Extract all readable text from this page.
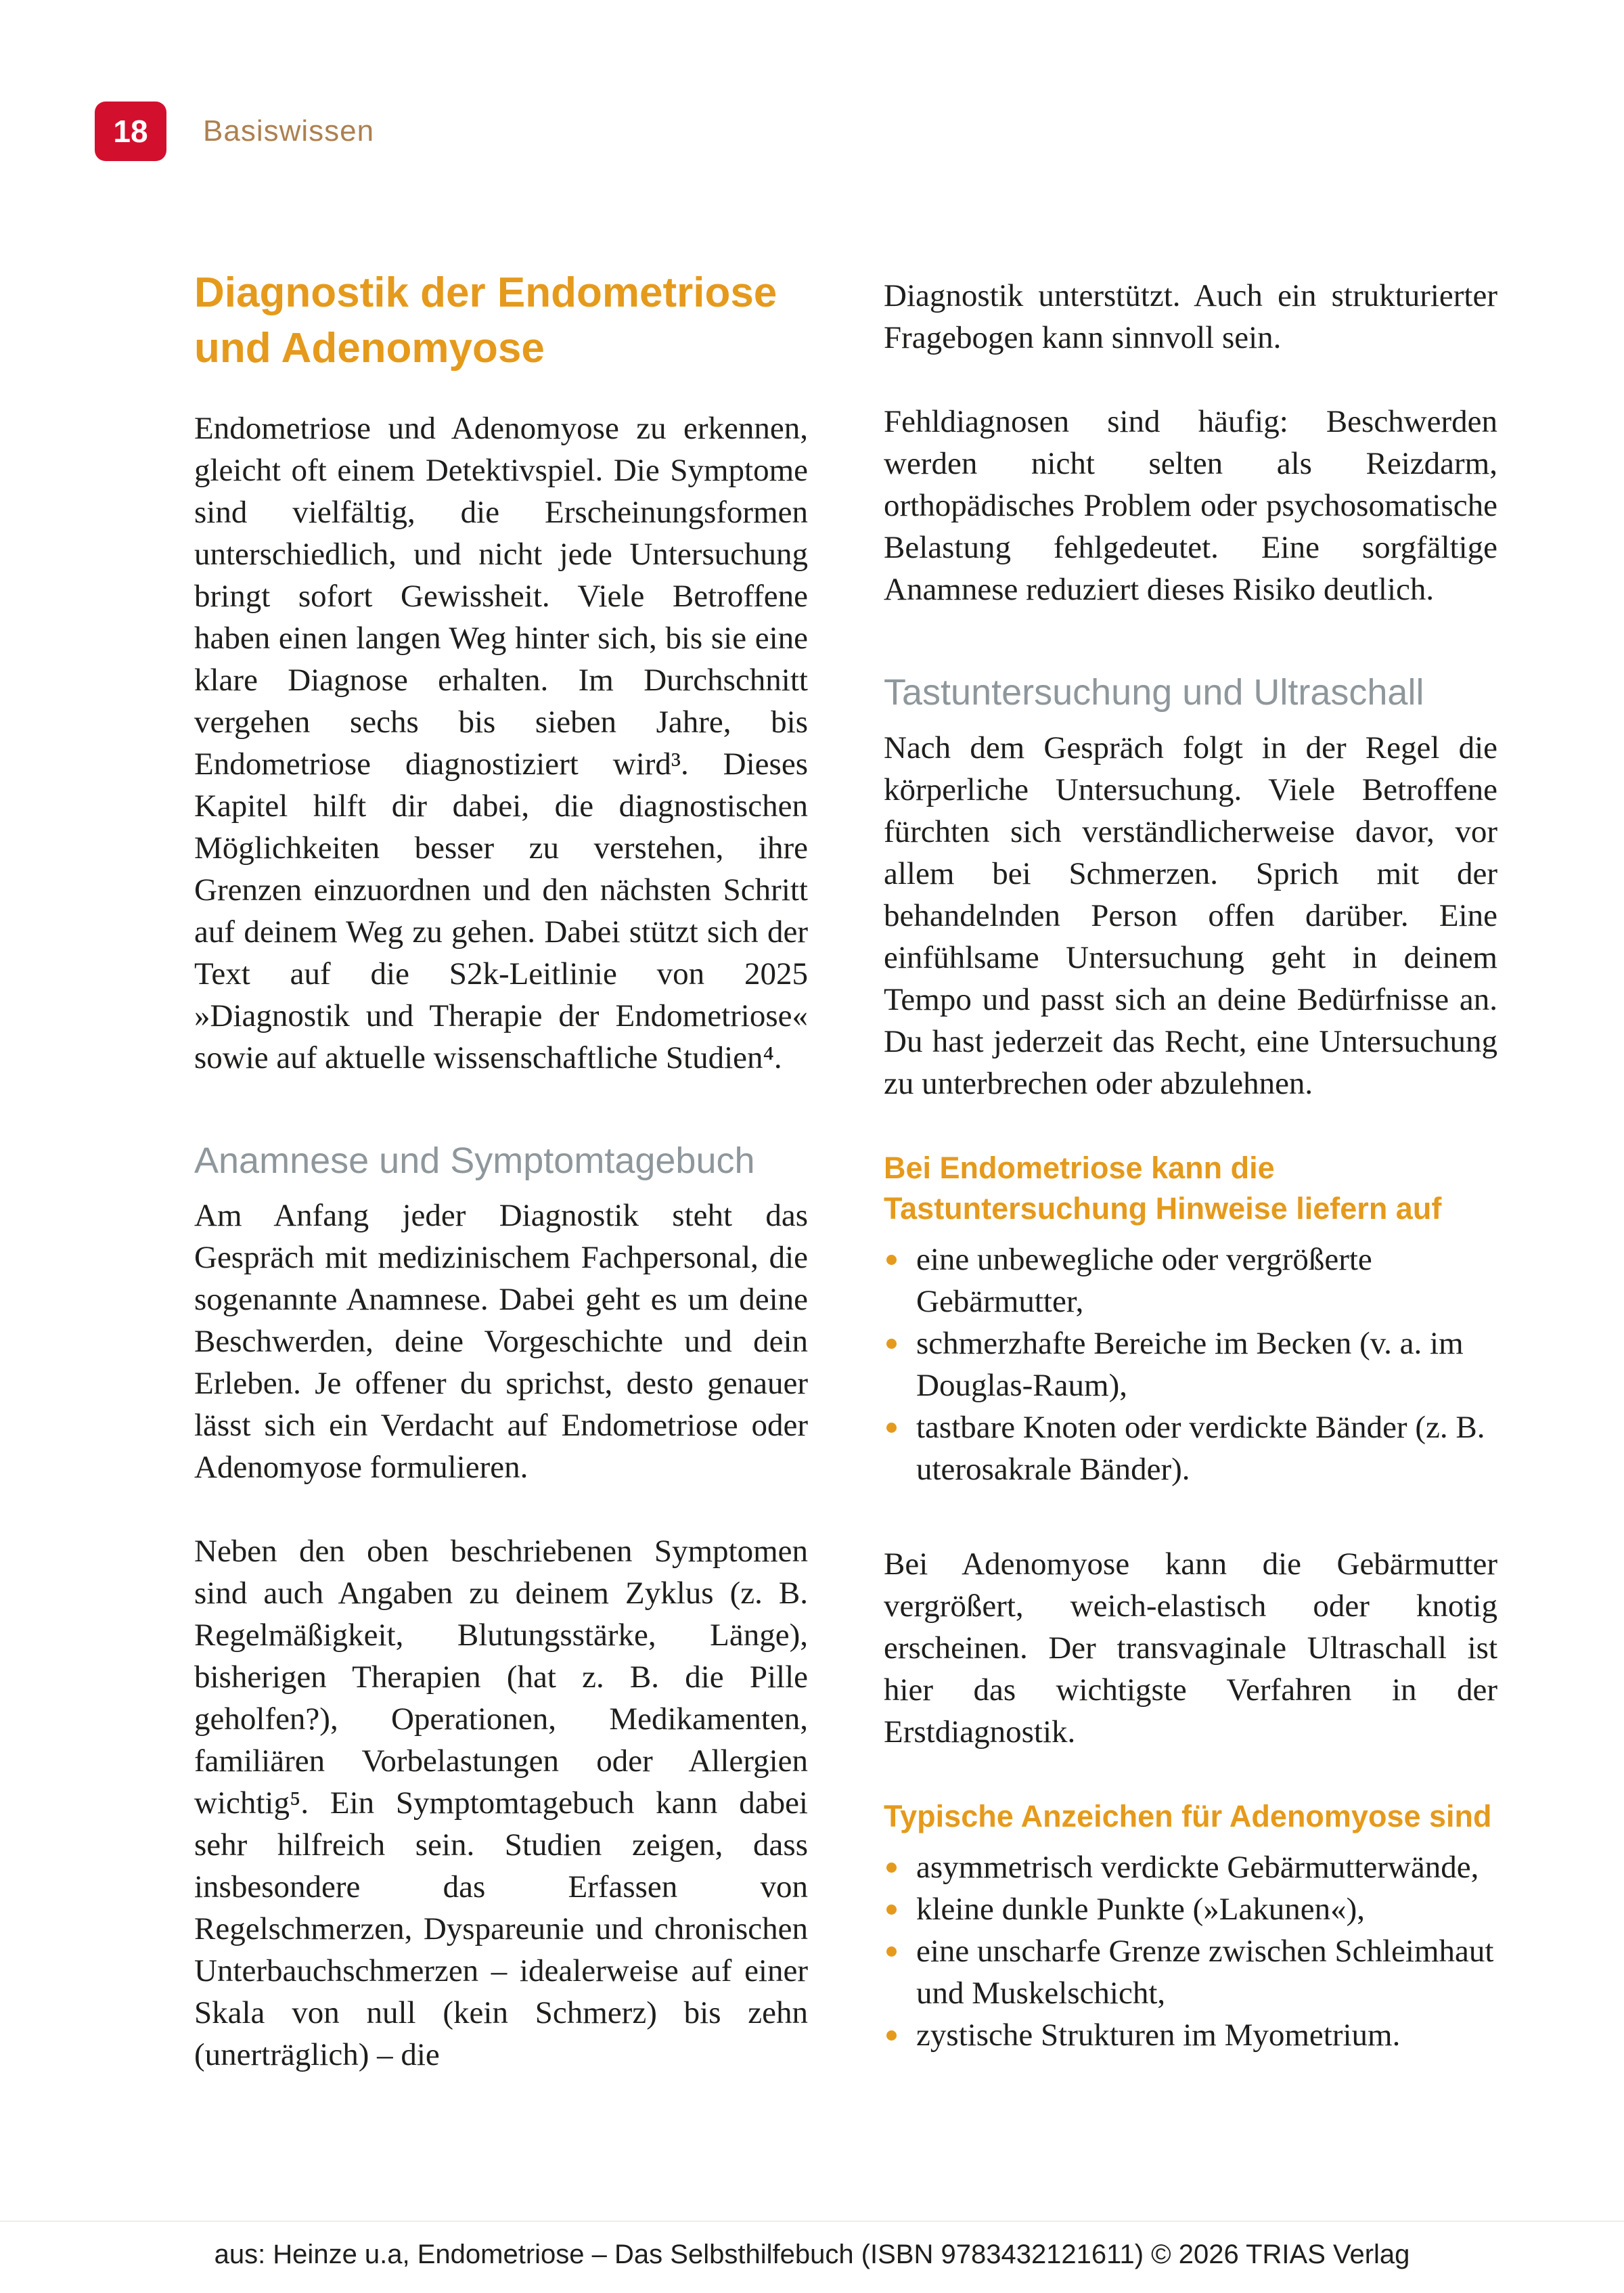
18 Basiswissen
Diagnostik der Endometriose und Adenomyose

Endometriose und Adenomyose zu erkennen, gleicht oft einem Detektivspiel. Die Symptome sind vielfältig, die Erscheinungsformen unterschiedlich, und nicht jede Untersuchung bringt sofort Gewissheit. Viele Betroffene haben einen langen Weg hinter sich, bis sie eine klare Diagnose erhalten. Im Durchschnitt vergehen sechs bis sieben Jahre, bis Endometriose diagnostiziert wird³. Dieses Kapitel hilft dir dabei, die diagnostischen Möglichkeiten besser zu verstehen, ihre Grenzen einzuordnen und den nächsten Schritt auf deinem Weg zu gehen. Dabei stützt sich der Text auf die S2k-Leitlinie von 2025 »Diagnostik und Therapie der Endometriose« sowie auf aktuelle wissenschaftliche Studien⁴.

Anamnese und Symptomtagebuch

Am Anfang jeder Diagnostik steht das Gespräch mit medizinischem Fachpersonal, die sogenannte Anamnese. Dabei geht es um deine Beschwerden, deine Vorgeschichte und dein Erleben. Je offener du sprichst, desto genauer lässt sich ein Verdacht auf Endometriose oder Adenomyose formulieren.

Neben den oben beschriebenen Symptomen sind auch Angaben zu deinem Zyklus (z. B. Regelmäßigkeit, Blutungsstärke, Länge), bisherigen Therapien (hat z. B. die Pille geholfen?), Operationen, Medikamenten, familiären Vorbelastungen oder Allergien wichtig⁵. Ein Symptomtagebuch kann dabei sehr hilfreich sein. Studien zeigen, dass insbesondere das Erfassen von Regelschmerzen, Dyspareunie und chronischen Unterbauchschmerzen – idealerweise auf einer Skala von null (kein Schmerz) bis zehn (unerträglich) – die

Diagnostik unterstützt. Auch ein strukturierter Fragebogen kann sinnvoll sein.

Fehldiagnosen sind häufig: Beschwerden werden nicht selten als Reizdarm, orthopädisches Problem oder psychosomatische Belastung fehlgedeutet. Eine sorgfältige Anamnese reduziert dieses Risiko deutlich.

Tastuntersuchung und Ultraschall

Nach dem Gespräch folgt in der Regel die körperliche Untersuchung. Viele Betroffene fürchten sich verständlicherweise davor, vor allem bei Schmerzen. Sprich mit der behandelnden Person offen darüber. Eine einfühlsame Untersuchung geht in deinem Tempo und passt sich an deine Bedürfnisse an. Du hast jederzeit das Recht, eine Untersuchung zu unterbrechen oder abzulehnen.

Bei Endometriose kann die Tastuntersuchung Hinweise liefern auf

eine unbewegliche oder vergrößerte Gebärmutter,
schmerzhafte Bereiche im Becken (v. a. im Douglas-Raum),
tastbare Knoten oder verdickte Bänder (z. B. uterosakrale Bänder).

Bei Adenomyose kann die Gebärmutter vergrößert, weich-elastisch oder knotig erscheinen. Der transvaginale Ultraschall ist hier das wichtigste Verfahren in der Erstdiagnostik.

Typische Anzeichen für Adenomyose sind

asymmetrisch verdickte Gebärmutterwände,
kleine dunkle Punkte (»Lakunen«),
eine unscharfe Grenze zwischen Schleimhaut und Muskelschicht,
zystische Strukturen im Myometrium.
aus: Heinze u.a, Endometriose – Das Selbsthilfebuch (ISBN 9783432121611) © 2026 TRIAS Verlag
